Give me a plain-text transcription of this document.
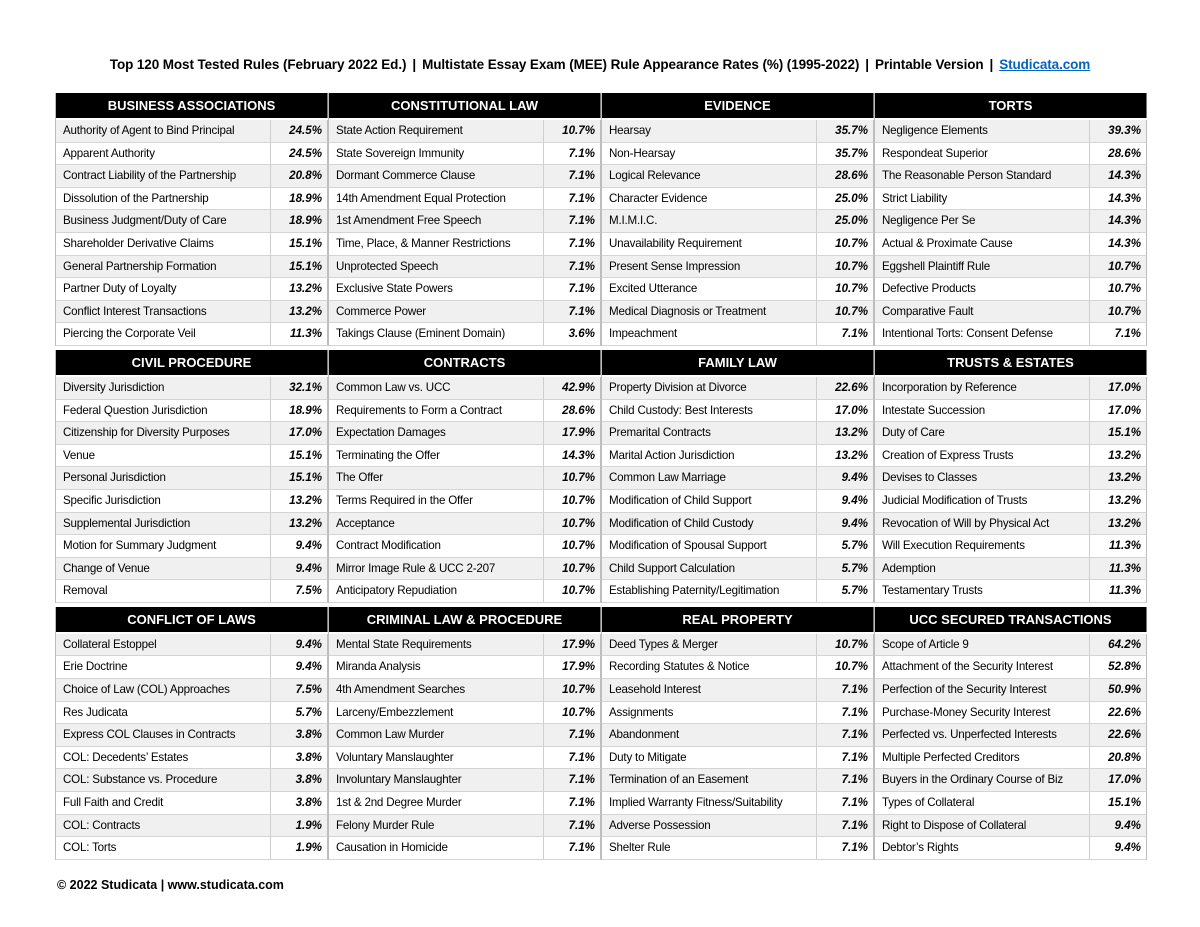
Top 120 Most Tested Rules (February 2022 Ed.) | Multistate Essay Exam (MEE) Rule Appearance Rates (%) (1995-2022) | Printable Version | Studicata.com
BUSINESS ASSOCIATIONS
Authority of Agent to Bind Principal	24.5%
Apparent Authority	24.5%
Contract Liability of the Partnership	20.8%
Dissolution of the Partnership	18.9%
Business Judgment/Duty of Care	18.9%
Shareholder Derivative Claims	15.1%
General Partnership Formation	15.1%
Partner Duty of Loyalty	13.2%
Conflict Interest Transactions	13.2%
Piercing the Corporate Veil	11.3%
CONSTITUTIONAL LAW
State Action Requirement	10.7%
State Sovereign Immunity	7.1%
Dormant Commerce Clause	7.1%
14th Amendment Equal Protection	7.1%
1st Amendment Free Speech	7.1%
Time, Place, & Manner Restrictions	7.1%
Unprotected Speech	7.1%
Exclusive State Powers	7.1%
Commerce Power	7.1%
Takings Clause (Eminent Domain)	3.6%
EVIDENCE
Hearsay	35.7%
Non-Hearsay	35.7%
Logical Relevance	28.6%
Character Evidence	25.0%
M.I.M.I.C.	25.0%
Unavailability Requirement	10.7%
Present Sense Impression	10.7%
Excited Utterance	10.7%
Medical Diagnosis or Treatment	10.7%
Impeachment	7.1%
TORTS
Negligence Elements	39.3%
Respondeat Superior	28.6%
The Reasonable Person Standard	14.3%
Strict Liability	14.3%
Negligence Per Se	14.3%
Actual & Proximate Cause	14.3%
Eggshell Plaintiff Rule	10.7%
Defective Products	10.7%
Comparative Fault	10.7%
Intentional Torts: Consent Defense	7.1%
CIVIL PROCEDURE
Diversity Jurisdiction	32.1%
Federal Question Jurisdiction	18.9%
Citizenship for Diversity Purposes	17.0%
Venue	15.1%
Personal Jurisdiction	15.1%
Specific Jurisdiction	13.2%
Supplemental Jurisdiction	13.2%
Motion for Summary Judgment	9.4%
Change of Venue	9.4%
Removal	7.5%
CONTRACTS
Common Law vs. UCC	42.9%
Requirements to Form a Contract	28.6%
Expectation Damages	17.9%
Terminating the Offer	14.3%
The Offer	10.7%
Terms Required in the Offer	10.7%
Acceptance	10.7%
Contract Modification	10.7%
Mirror Image Rule & UCC 2-207	10.7%
Anticipatory Repudiation	10.7%
FAMILY LAW
Property Division at Divorce	22.6%
Child Custody: Best Interests	17.0%
Premarital Contracts	13.2%
Marital Action Jurisdiction	13.2%
Common Law Marriage	9.4%
Modification of Child Support	9.4%
Modification of Child Custody	9.4%
Modification of Spousal Support	5.7%
Child Support Calculation	5.7%
Establishing Paternity/Legitimation	5.7%
TRUSTS & ESTATES
Incorporation by Reference	17.0%
Intestate Succession	17.0%
Duty of Care	15.1%
Creation of Express Trusts	13.2%
Devises to Classes	13.2%
Judicial Modification of Trusts	13.2%
Revocation of Will by Physical Act	13.2%
Will Execution Requirements	11.3%
Ademption	11.3%
Testamentary Trusts	11.3%
CONFLICT OF LAWS
Collateral Estoppel	9.4%
Erie Doctrine	9.4%
Choice of Law (COL) Approaches	7.5%
Res Judicata	5.7%
Express COL Clauses in Contracts	3.8%
COL: Decedents’ Estates	3.8%
COL: Substance vs. Procedure	3.8%
Full Faith and Credit	3.8%
COL: Contracts	1.9%
COL: Torts	1.9%
CRIMINAL LAW & PROCEDURE
Mental State Requirements	17.9%
Miranda Analysis	17.9%
4th Amendment Searches	10.7%
Larceny/Embezzlement	10.7%
Common Law Murder	7.1%
Voluntary Manslaughter	7.1%
Involuntary Manslaughter	7.1%
1st & 2nd Degree Murder	7.1%
Felony Murder Rule	7.1%
Causation in Homicide	7.1%
REAL PROPERTY
Deed Types & Merger	10.7%
Recording Statutes & Notice	10.7%
Leasehold Interest	7.1%
Assignments	7.1%
Abandonment	7.1%
Duty to Mitigate	7.1%
Termination of an Easement	7.1%
Implied Warranty Fitness/Suitability	7.1%
Adverse Possession	7.1%
Shelter Rule	7.1%
UCC SECURED TRANSACTIONS
Scope of Article 9	64.2%
Attachment of the Security Interest	52.8%
Perfection of the Security Interest	50.9%
Purchase-Money Security Interest	22.6%
Perfected vs. Unperfected Interests	22.6%
Multiple Perfected Creditors	20.8%
Buyers in the Ordinary Course of Biz	17.0%
Types of Collateral	15.1%
Right to Dispose of Collateral	9.4%
Debtor’s Rights	9.4%
© 2022 Studicata | www.studicata.com
